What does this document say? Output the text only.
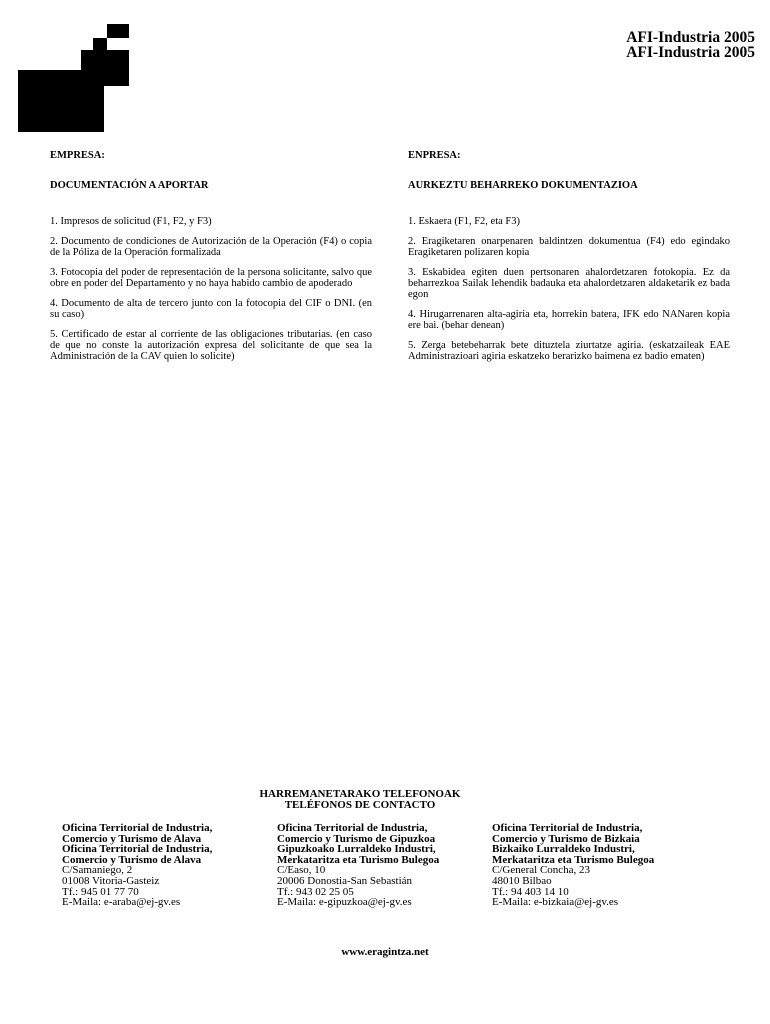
AFI-Industria 2005
AFI-Industria 2005

EMPRESA:

DOCUMENTACIÓN A APORTAR

1. Impresos de solicitud (F1, F2, y F3)

2. Documento de condiciones de Autorización de la Operación (F4) o copia de la Póliza de la Operación formalizada

3. Fotocopia del poder de representación de la persona solicitante, salvo que obre en poder del Departamento y no haya habido cambio de apoderado

4. Documento de alta de tercero junto con la fotocopia del CIF o DNI. (en su caso)

5. Certificado de estar al corriente de las obligaciones tributarias. (en caso de que no conste la autorización expresa del solicitante de que sea la Administración de la CAV quien lo solicite)

ENPRESA:

AURKEZTU BEHARREKO DOKUMENTAZIOA

1. Eskaera (F1, F2, eta F3)

2. Eragiketaren onarpenaren baldintzen dokumentua (F4) edo egindako Eragiketaren polizaren kopia

3. Eskabidea egiten duen pertsonaren ahalordetzaren fotokopia. Ez da beharrezkoa Sailak lehendik badauka eta ahalordetzaren aldaketarik ez bada egon

4. Hirugarrenaren alta-agiria eta, horrekin batera, IFK edo NANaren kopia ere bai. (behar denean)

5. Zerga betebeharrak bete dituztela ziurtatze agiria. (eskatzaileak EAE Administrazioari agiria eskatzeko berarizko baimena ez badio ematen)

HARREMANETARAKO TELEFONOAK
TELÉFONOS DE CONTACTO
Oficina Territorial de Industria,
Comercio y Turismo de Alava
Oficina Territorial de Industria,
Comercio y Turismo de Alava
C/Samaniego, 2
01008 Vitoria-Gasteiz
Tf.: 945 01 77 70
E-Maila: e-araba@ej-gv.es
Oficina Territorial de Industria,
Comercio y Turismo de Gipuzkoa
Gipuzkoako Lurraldeko Industri,
Merkataritza eta Turismo Bulegoa
C/Easo, 10
20006 Donostia-San Sebastián
Tf.: 943 02 25 05
E-Maila: e-gipuzkoa@ej-gv.es
Oficina Territorial de Industria,
Comercio y Turismo de Bizkaia
Bizkaiko Lurraldeko Industri,
Merkataritza eta Turismo Bulegoa
C/General Concha, 23
48010 Bilbao
Tf.: 94 403 14 10
E-Maila: e-bizkaia@ej-gv.es
www.eragintza.net
